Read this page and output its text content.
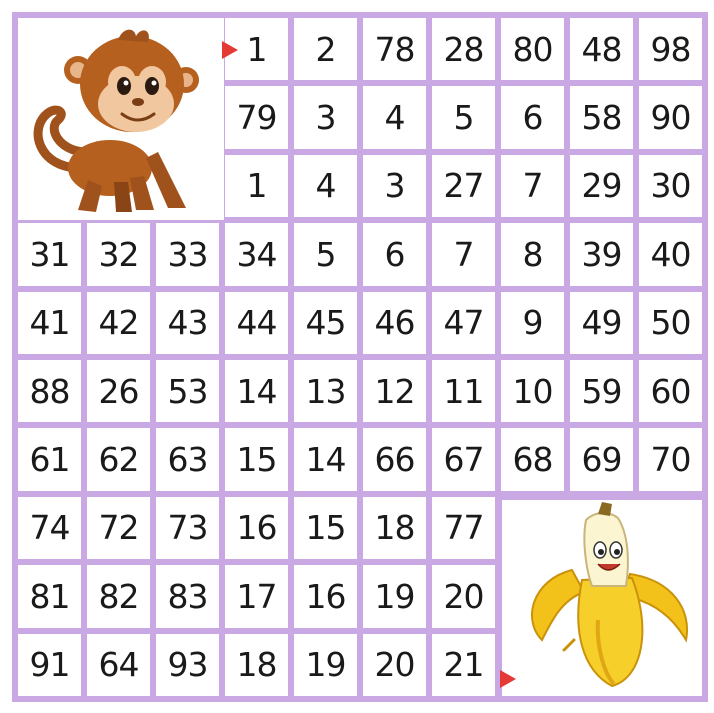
1	2	78 28 80 48 98
79	3	4	5	6	58 90
1	4	3	27	7	29 30
31 32 33 34	5	6	7	8	39 40
41 42 43 44 45 46 47	9	49 50
88 26 53 14 13 12 11 10 59 60
61 62 63 15 14 66 67 68 69 70
74 72 73 16 15 18 77
81 82 83 17 16 19 20
91 64 93 18 19 20 21
